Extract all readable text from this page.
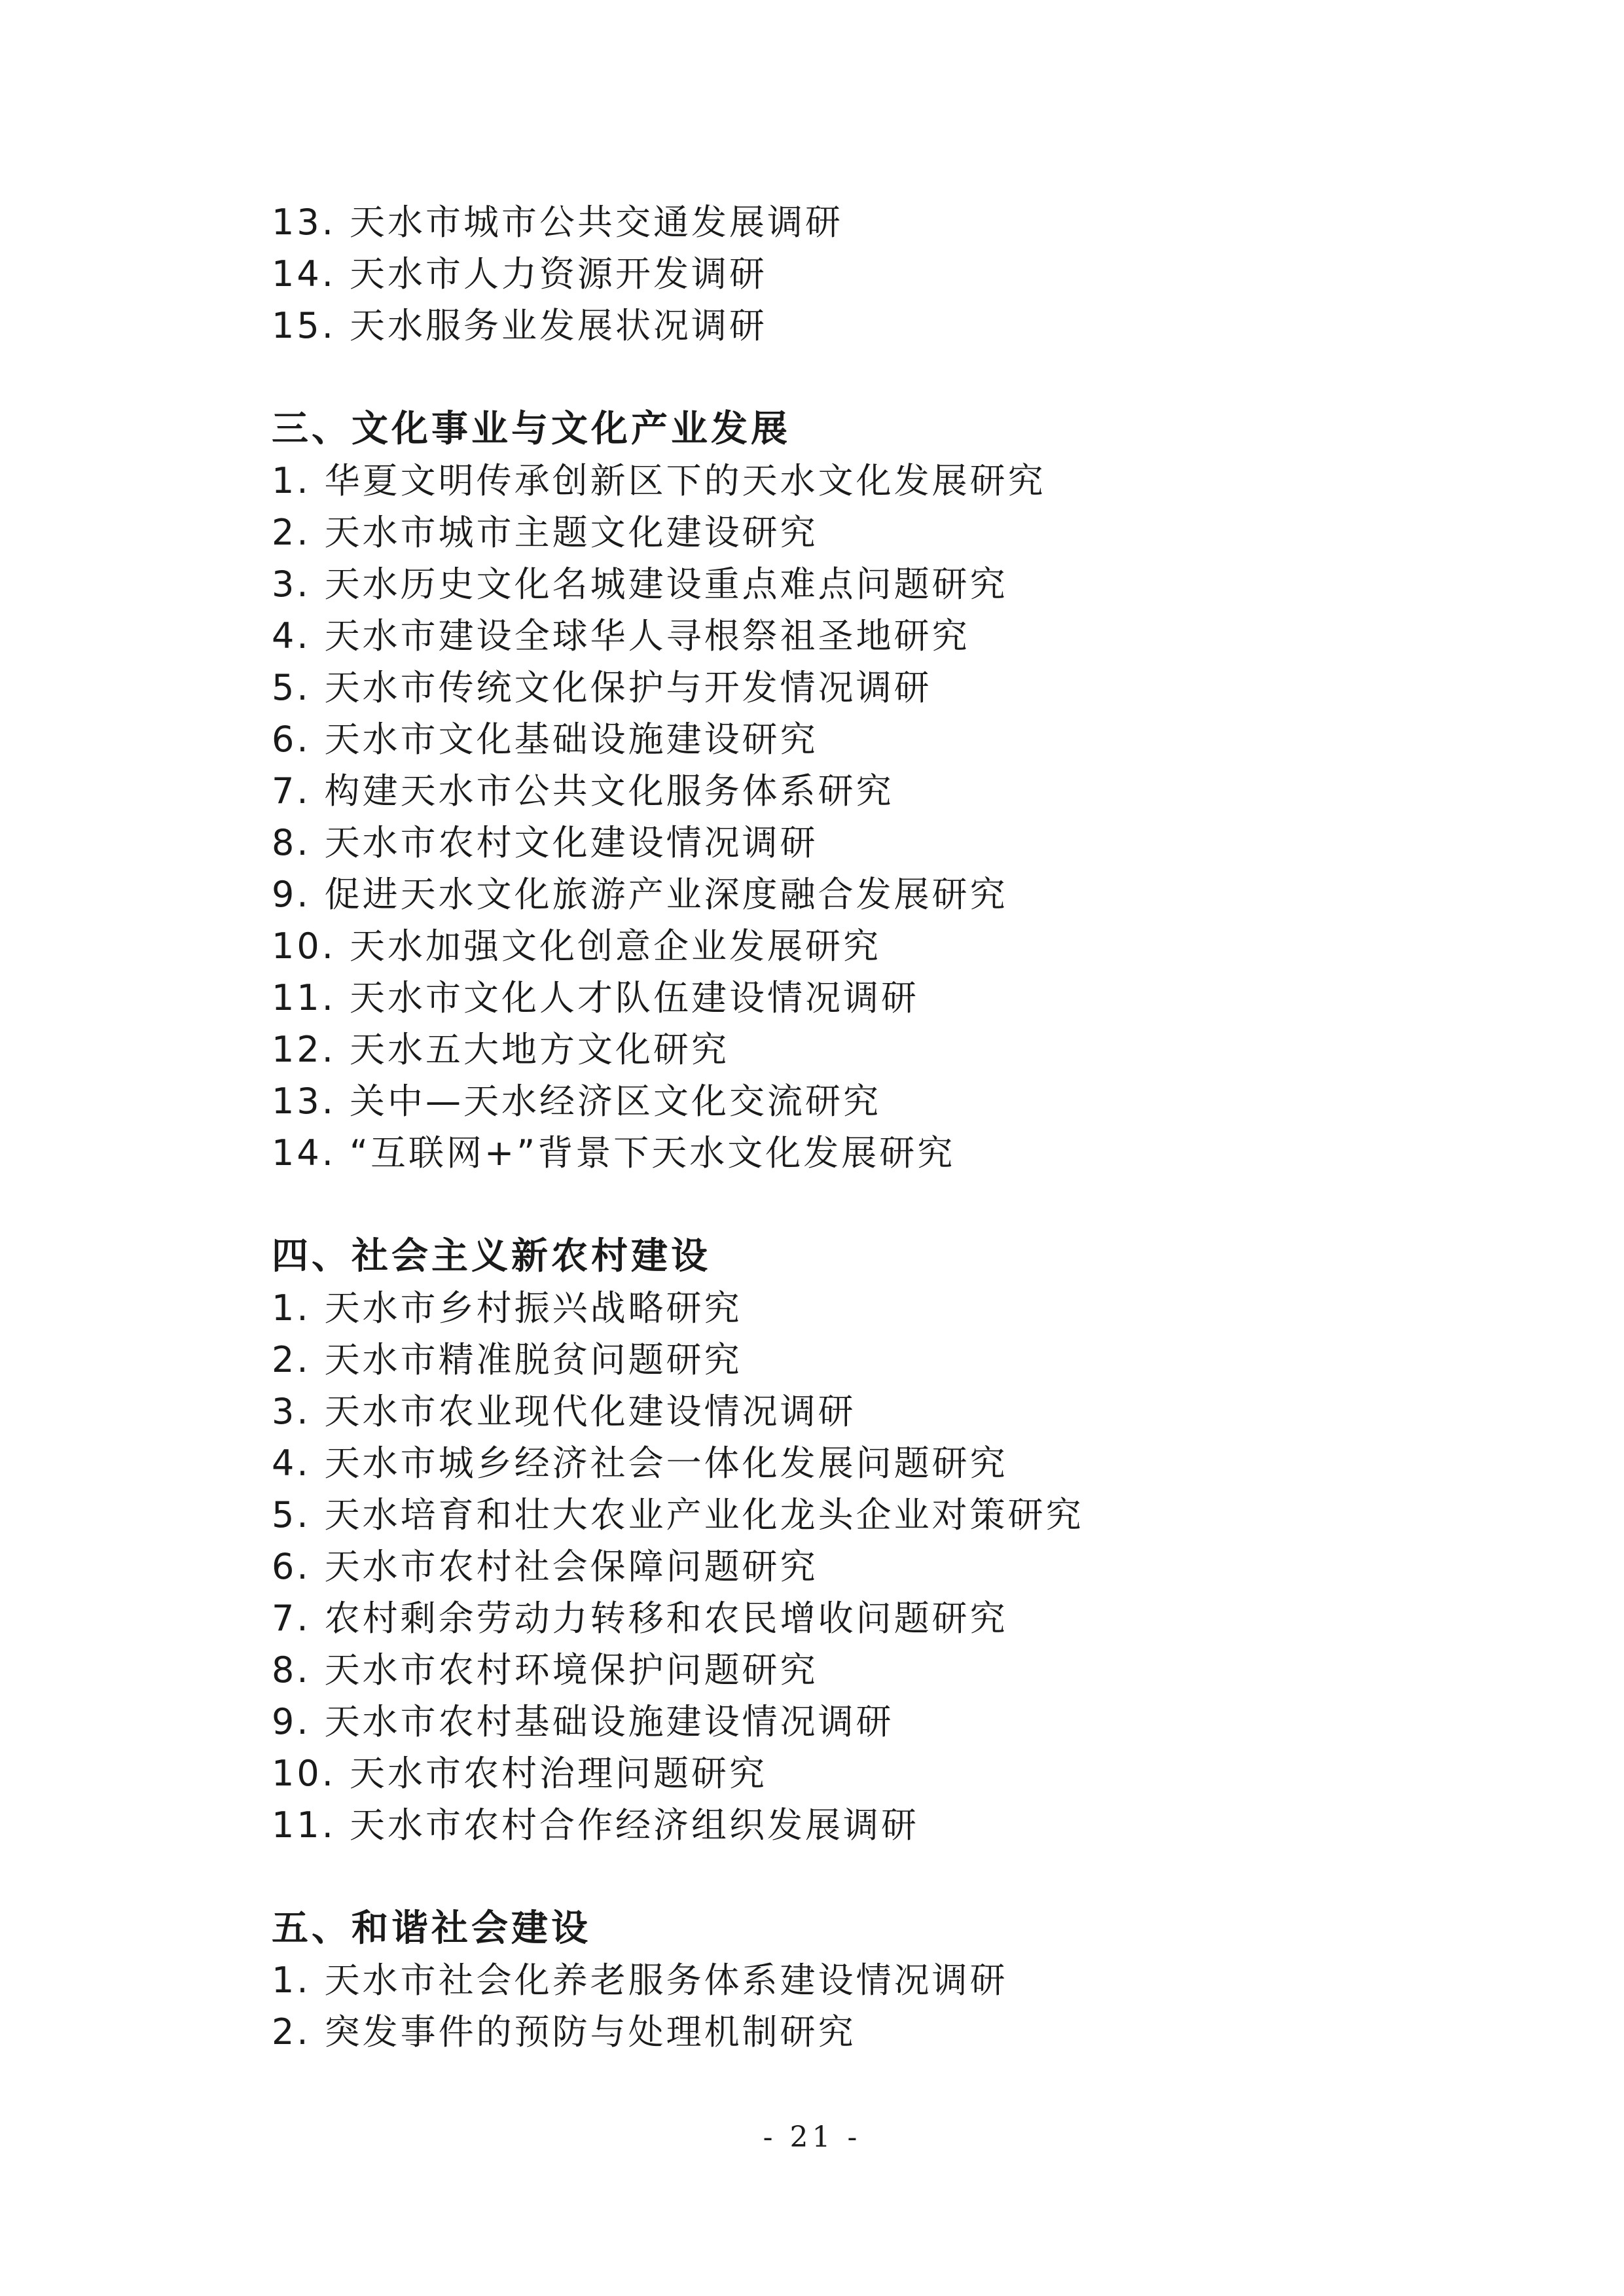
13. 天水市城市公共交通发展调研
14. 天水市人力资源开发调研
15. 天水服务业发展状况调研
三、文化事业与文化产业发展
1. 华夏文明传承创新区下的天水文化发展研究
2. 天水市城市主题文化建设研究
3. 天水历史文化名城建设重点难点问题研究
4. 天水市建设全球华人寻根祭祖圣地研究
5. 天水市传统文化保护与开发情况调研
6. 天水市文化基础设施建设研究
7. 构建天水市公共文化服务体系研究
8. 天水市农村文化建设情况调研
9. 促进天水文化旅游产业深度融合发展研究
10. 天水加强文化创意企业发展研究
11. 天水市文化人才队伍建设情况调研
12. 天水五大地方文化研究
13. 关中—天水经济区文化交流研究
14. “互联网+”背景下天水文化发展研究
四、社会主义新农村建设
1. 天水市乡村振兴战略研究
2. 天水市精准脱贫问题研究
3. 天水市农业现代化建设情况调研
4. 天水市城乡经济社会一体化发展问题研究
5. 天水培育和壮大农业产业化龙头企业对策研究
6. 天水市农村社会保障问题研究
7. 农村剩余劳动力转移和农民增收问题研究
8. 天水市农村环境保护问题研究
9. 天水市农村基础设施建设情况调研
10. 天水市农村治理问题研究
11. 天水市农村合作经济组织发展调研
五、和谐社会建设
1. 天水市社会化养老服务体系建设情况调研
2. 突发事件的预防与处理机制研究
- 21 -
